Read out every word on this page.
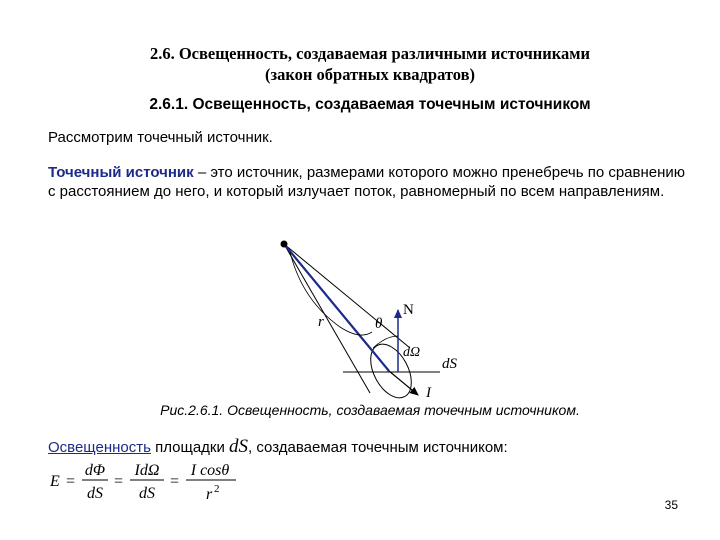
2.6. Освещенность, создаваемая различными источниками
(закон обратных квадратов)
2.6.1. Освещенность, создаваемая точечным источником
Рассмотрим точечный источник.
Точечный источник – это источник, размерами которого можно пренебречь по сравнению с расстоянием до него, и который излучает поток, равномерный по всем направлениям.
N
r	θ
dΩ
dS
I
Рис.2.6.1. Освещенность, создаваемая точечным источником.
Освещенность площадки dS, создаваемая точечным источником:
E =
dΦ
dS
=
IdΩ
dS
=
I cosθ
r 2
35
